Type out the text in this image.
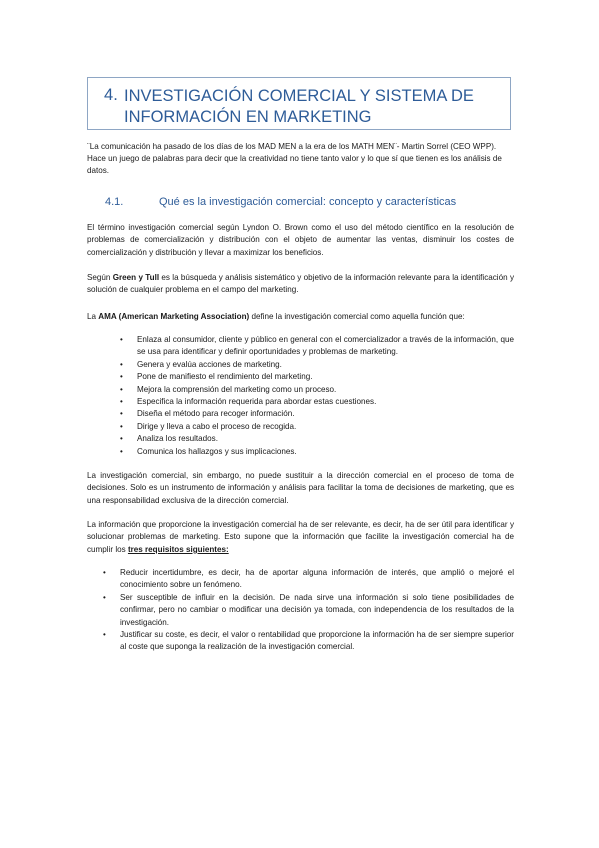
4. INVESTIGACIÓN COMERCIAL Y SISTEMA DE INFORMACIÓN EN MARKETING
¨La comunicación ha pasado de los días de los MAD MEN a la era de los MATH MEN¨- Martin Sorrel (CEO WPP). Hace un juego de palabras para decir que la creatividad no tiene tanto valor y lo que sí que tienen es los análisis de datos.
4.1.	Qué es la investigación comercial: concepto y características

El término investigación comercial según Lyndon O. Brown como el uso del método científico en la resolución de problemas de comercialización y distribución con el objeto de aumentar las ventas, disminuir los costes de comercialización y distribución y llevar a maximizar los beneficios.

Según Green y Tull es la búsqueda y análisis sistemático y objetivo de la información relevante para la identificación y solución de cualquier problema en el campo del marketing.

La AMA (American Marketing Association) define la investigación comercial como aquella función que:

• Enlaza al consumidor, cliente y público en general con el comercializador a través de la información, que se usa para identificar y definir oportunidades y problemas de marketing.
• Genera y evalúa acciones de marketing.
• Pone de manifiesto el rendimiento del marketing.
• Mejora la comprensión del marketing como un proceso.
• Especifica la información requerida para abordar estas cuestiones.
• Diseña el método para recoger información.
• Dirige y lleva a cabo el proceso de recogida.
• Analiza los resultados.
• Comunica los hallazgos y sus implicaciones.

La investigación comercial, sin embargo, no puede sustituir a la dirección comercial en el proceso de toma de decisiones. Solo es un instrumento de información y análisis para facilitar la toma de decisiones de marketing, que es una responsabilidad exclusiva de la dirección comercial.

La información que proporcione la investigación comercial ha de ser relevante, es decir, ha de ser útil para identificar y solucionar problemas de marketing. Esto supone que la información que facilite la investigación comercial ha de cumplir los tres requisitos siguientes:

• Reducir incertidumbre, es decir, ha de aportar alguna información de interés, que amplió o mejoré el conocimiento sobre un fenómeno.
• Ser susceptible de influir en la decisión. De nada sirve una información si solo tiene posibilidades de confirmar, pero no cambiar o modificar una decisión ya tomada, con independencia de los resultados de la investigación.
• Justificar su coste, es decir, el valor o rentabilidad que proporcione la información ha de ser siempre superior al coste que suponga la realización de la investigación comercial.
